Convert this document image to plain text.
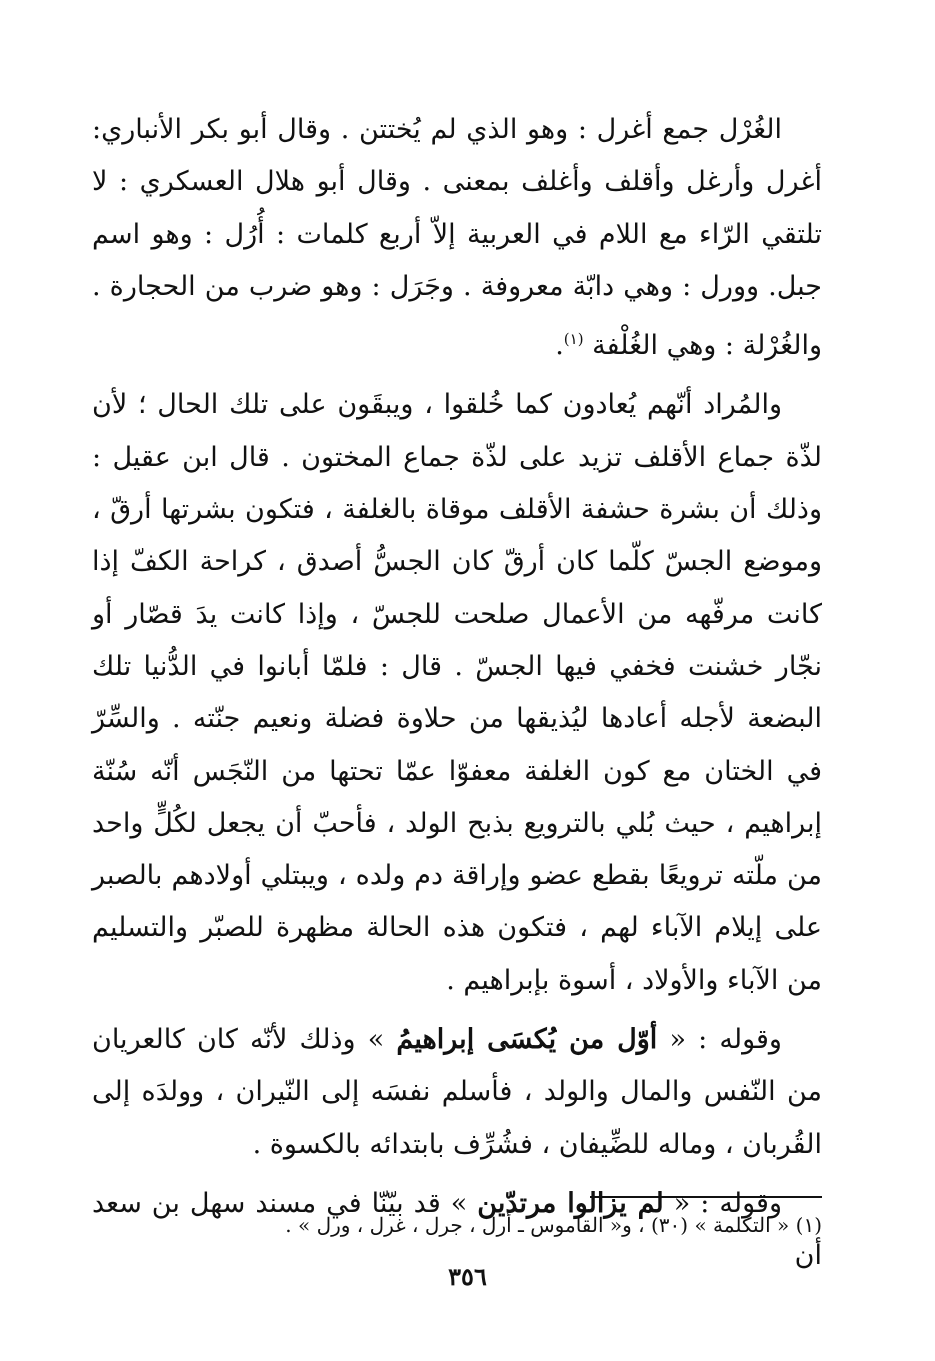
الغُرْل جمع أغرل : وهو الذي لم يُختتن . وقال أبو بكر الأنباري: أغرل وأرغل وأقلف وأغلف بمعنى . وقال أبو هلال العسكري : لا تلتقي الرّاء مع اللام في العربية إلاّ أربع كلمات : أُرُل : وهو اسم جبل. وورل : وهي دابّة معروفة . وجَرَل : وهو ضرب من الحجارة . والغُرْلة : وهي الغُلْفة $^{(١)}$.

والمُراد أنّهم يُعادون كما خُلقوا ، ويبقَون على تلك الحال ؛ لأن لذّة جماع الأقلف تزيد على لذّة جماع المختون . قال ابن عقيل : وذلك أن بشرة حشفة الأقلف موقاة بالغلفة ، فتكون بشرتها أرقّ ، وموضع الجسّ كلّما كان أرقّ كان الجسُّ أصدق ، كراحة الكفّ إذا كانت مرفّهه من الأعمال صلحت للجسّ ، وإذا كانت يدَ قصّار أو نجّار خشنت فخفي فيها الجسّ . قال : فلمّا أبانوا في الدُّنيا تلك البضعة لأجله أعادها ليُذيقها من حلاوة فضلة ونعيم جنّته . والسِّرّ في الختان مع كون الغلفة معفوّا عمّا تحتها من النّجَس أنّه سُنّة إبراهيم ، حيث بُلي بالترويع بذبح الولد ، فأحبّ أن يجعل لكُلٍّ واحد من ملّته ترويعًا بقطع عضو وإراقة دم ولده ، ويبتلي أولادهم بالصبر على إيلام الآباء لهم ، فتكون هذه الحالة مظهرة للصبّر والتسليم من الآباء والأولاد ، أسوة بإبراهيم .

وقوله : « أوّل من يُكسَى إبراهيمُ » وذلك لأنّه كان كالعريان من النّفس والمال والولد ، فأسلم نفسَه إلى النّيران ، وولدَه إلى القُربان ، وماله للضِّيفان ، فشُرِّف بابتدائه بالكسوة .

وقوله : « لم يزالوا مرتدّين » قد بيّنّا في مسند سهل بن سعد أن

(١) « التكلمة » (٣٠) ، و« القاموس ـ أرل ، جرل ، غرل ، ورل » .
٣٥٦
